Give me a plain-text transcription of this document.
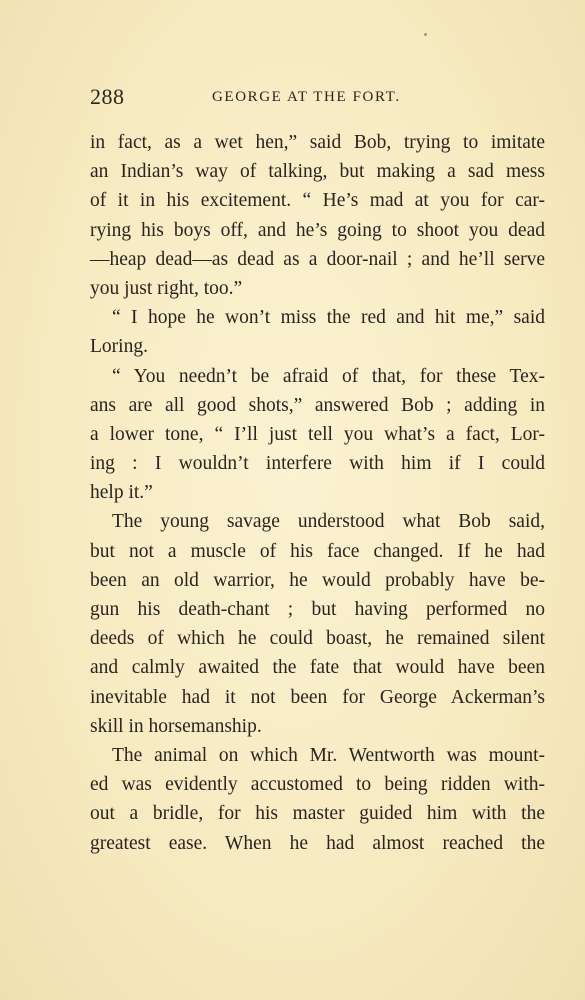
288	GEORGE AT THE FORT.
in fact, as a wet hen,” said Bob, trying to imitate
an Indian’s way of talking, but making a sad mess
of it in his excitement. “ He’s mad at you for car-
rying his boys off, and he’s going to shoot you dead
—heap dead—as dead as a door-nail ; and he’ll serve
you just right, too.”
“ I hope he won’t miss the red and hit me,” said
Loring.
“ You needn’t be afraid of that, for these Tex-
ans are all good shots,” answered Bob ; adding in
a lower tone, “ I’ll just tell you what’s a fact, Lor-
ing : I wouldn’t interfere with him if I could
help it.”
The young savage understood what Bob said,
but not a muscle of his face changed. If he had
been an old warrior, he would probably have be-
gun his death-chant ; but having performed no
deeds of which he could boast, he remained silent
and calmly awaited the fate that would have been
inevitable had it not been for George Ackerman’s
skill in horsemanship.
The animal on which Mr. Wentworth was mount-
ed was evidently accustomed to being ridden with-
out a bridle, for his master guided him with the
greatest ease. When he had almost reached the
